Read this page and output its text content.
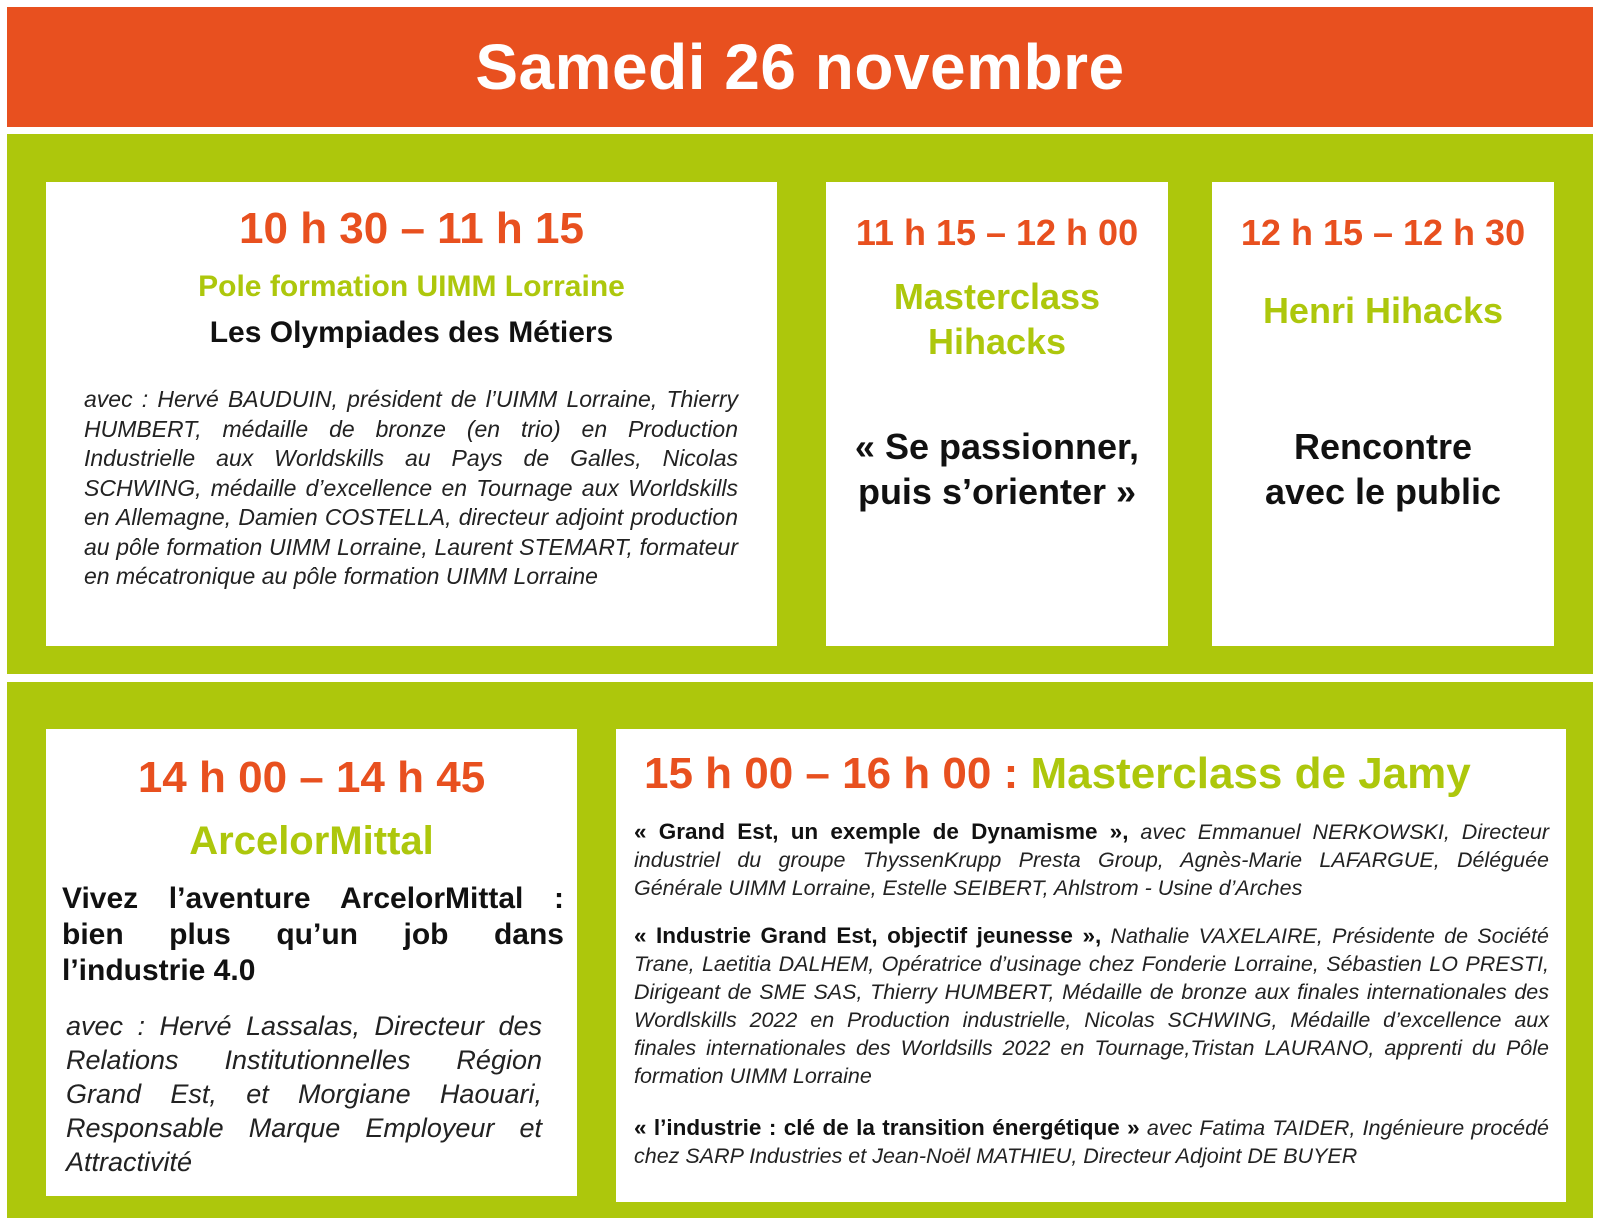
Samedi 26 novembre
10 h 30 – 11 h 15
Pole formation UIMM Lorraine
Les Olympiades des Métiers

avec : Hervé BAUDUIN, président de l’UIMM Lorraine, Thierry HUMBERT, médaille de bronze (en trio) en Production Industrielle aux Worldskills au Pays de Galles, Nicolas SCHWING, médaille d’excellence en Tournage aux Worldskills en Allemagne, Damien COSTELLA, directeur adjoint production au pôle formation UIMM Lorraine, Laurent STEMART, formateur en mécatronique au pôle formation UIMM Lorraine

11 h 15 – 12 h 00
Masterclass
Hihacks
« Se passionner,
puis s’orienter »
12 h 15 – 12 h 30
Henri Hihacks
Rencontre
avec le public
14 h 00 – 14 h 45
ArcelorMittal
Vivez l’aventure ArcelorMittal : bien plus qu’un job dans l’industrie 4.0

avec : Hervé Lassalas, Directeur des Relations Institutionnelles Région Grand Est, et Morgiane Haouari, Responsable Marque Employeur et Attractivité

15 h 00 – 16 h 00 : Masterclass de Jamy

« Grand Est, un exemple de Dynamisme », avec Emmanuel NERKOWSKI, Directeur industriel du groupe ThyssenKrupp Presta Group, Agnès-Marie LAFARGUE, Déléguée Générale UIMM Lorraine, Estelle SEIBERT, Ahlstrom - Usine d’Arches

« Industrie Grand Est, objectif jeunesse », Nathalie VAXELAIRE, Présidente de Société Trane, Laetitia DALHEM, Opératrice d’usinage chez Fonderie Lorraine, Sébastien LO PRESTI, Dirigeant de SME SAS, Thierry HUMBERT, Médaille de bronze aux finales internationales des Wordlskills 2022 en Production industrielle, Nicolas SCHWING, Médaille d’excellence aux finales internationales des Worldsills 2022 en Tournage,Tristan LAURANO, apprenti du Pôle formation UIMM Lorraine

« l’industrie : clé de la transition énergétique » avec Fatima TAIDER, Ingénieure procédé chez SARP Industries et Jean-Noël MATHIEU, Directeur Adjoint DE BUYER
